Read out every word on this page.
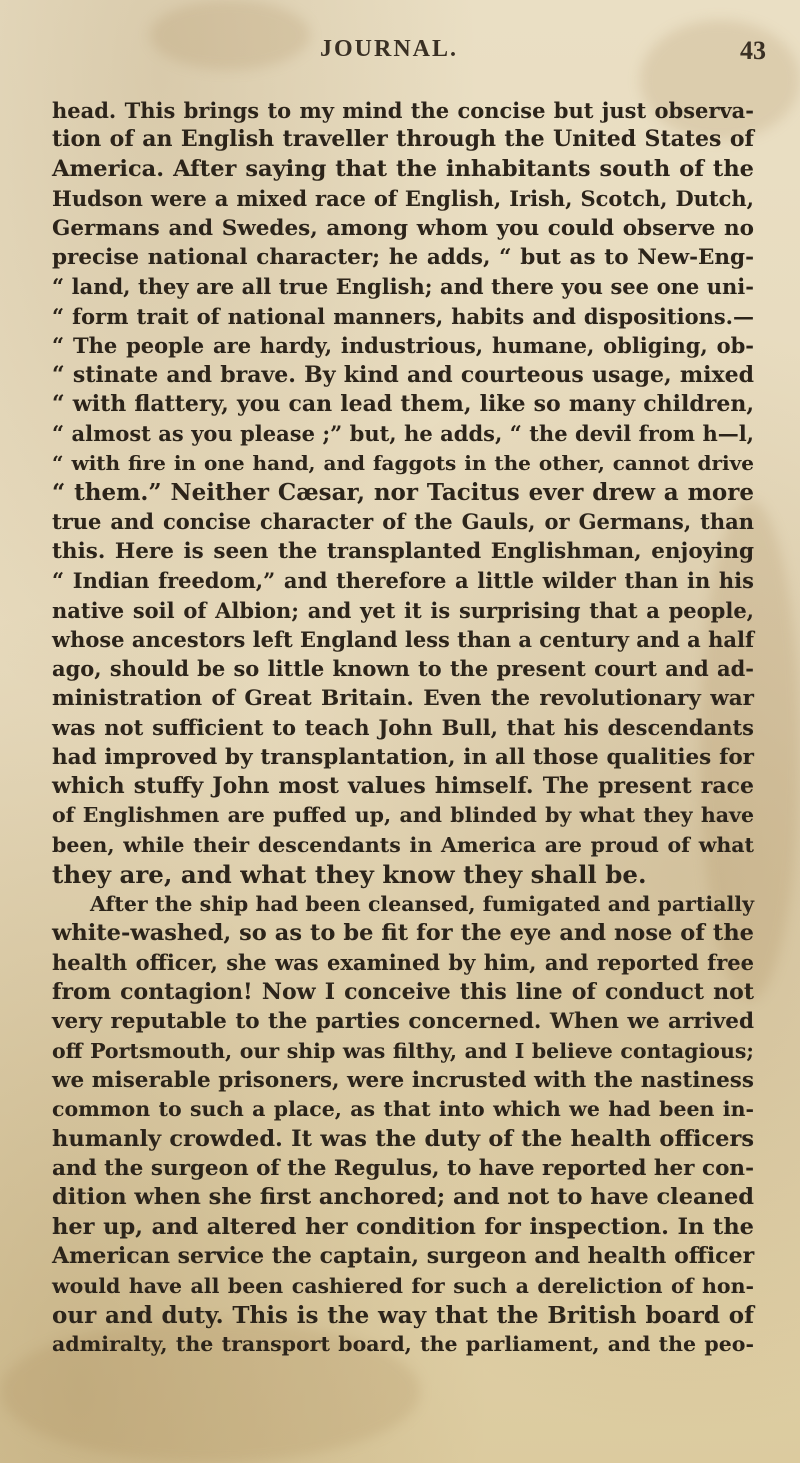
JOURNAL.	43
head. This brings to my mind the concise but just observa-
tion of an English traveller through the United States of
America. After saying that the inhabitants south of the
Hudson were a mixed race of English, Irish, Scotch, Dutch,
Germans and Swedes, among whom you could observe no
precise national character; he adds, “ but as to New-Eng-
“ land, they are all true English; and there you see one uni-
“ form trait of national manners, habits and dispositions.—
“ The people are hardy, industrious, humane, obliging, ob-
“ stinate and brave. By kind and courteous usage, mixed
“ with flattery, you can lead them, like so many children,
“ almost as you please ;” but, he adds, “ the devil from h—l,
“ with fire in one hand, and faggots in the other, cannot drive
“ them.” Neither Cæsar, nor Tacitus ever drew a more
true and concise character of the Gauls, or Germans, than
this. Here is seen the transplanted Englishman, enjoying
“ Indian freedom,” and therefore a little wilder than in his
native soil of Albion; and yet it is surprising that a people,
whose ancestors left England less than a century and a half
ago, should be so little known to the present court and ad-
ministration of Great Britain. Even the revolutionary war
was not sufficient to teach John Bull, that his descendants
had improved by transplantation, in all those qualities for
which stuffy John most values himself. The present race
of Englishmen are puffed up, and blinded by what they have
been, while their descendants in America are proud of what
they are, and what they know they shall be.
After the ship had been cleansed, fumigated and partially
white-washed, so as to be fit for the eye and nose of the
health officer, she was examined by him, and reported free
from contagion! Now I conceive this line of conduct not
very reputable to the parties concerned. When we arrived
off Portsmouth, our ship was filthy, and I believe contagious;
we miserable prisoners, were incrusted with the nastiness
common to such a place, as that into which we had been in-
humanly crowded. It was the duty of the health officers
and the surgeon of the Regulus, to have reported her con-
dition when she first anchored; and not to have cleaned
her up, and altered her condition for inspection. In the
American service the captain, surgeon and health officer
would have all been cashiered for such a dereliction of hon-
our and duty. This is the way that the British board of
admiralty, the transport board, the parliament, and the peo-
